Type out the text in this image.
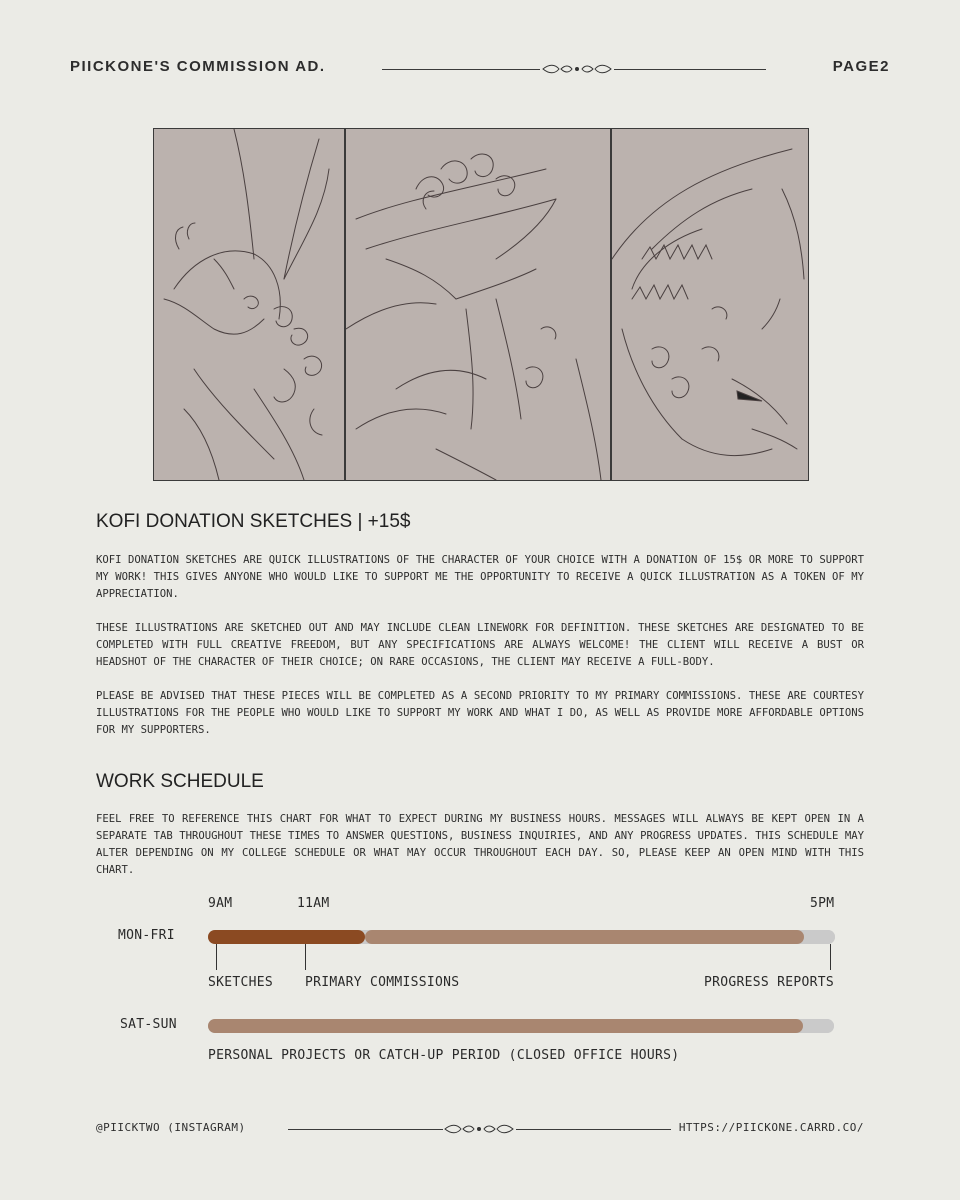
PIICKONE'S COMMISSION AD.	PAGE2
KOFI DONATION SKETCHES | +15$

KOFI DONATION SKETCHES ARE QUICK ILLUSTRATIONS OF THE CHARACTER OF YOUR CHOICE WITH A DONATION OF 15$ OR MORE TO SUPPORT MY WORK! THIS GIVES ANYONE WHO WOULD LIKE TO SUPPORT ME THE OPPORTUNITY TO RECEIVE A QUICK ILLUSTRATION AS A TOKEN OF MY APPRECIATION.

THESE ILLUSTRATIONS ARE SKETCHED OUT AND MAY INCLUDE CLEAN LINEWORK FOR DEFINITION. THESE SKETCHES ARE DESIGNATED TO BE COMPLETED WITH FULL CREATIVE FREEDOM, BUT ANY SPECIFICATIONS ARE ALWAYS WELCOME! THE CLIENT WILL RECEIVE A BUST OR HEADSHOT OF THE CHARACTER OF THEIR CHOICE; ON RARE OCCASIONS, THE CLIENT MAY RECEIVE A FULL-BODY.

PLEASE BE ADVISED THAT THESE PIECES WILL BE COMPLETED AS A SECOND PRIORITY TO MY PRIMARY COMMISSIONS. THESE ARE COURTESY ILLUSTRATIONS FOR THE PEOPLE WHO WOULD LIKE TO SUPPORT MY WORK AND WHAT I DO, AS WELL AS PROVIDE MORE AFFORDABLE OPTIONS FOR MY SUPPORTERS.

WORK SCHEDULE

FEEL FREE TO REFERENCE THIS CHART FOR WHAT TO EXPECT DURING MY BUSINESS HOURS. MESSAGES WILL ALWAYS BE KEPT OPEN IN A SEPARATE TAB THROUGHOUT THESE TIMES TO ANSWER QUESTIONS, BUSINESS INQUIRIES, AND ANY PROGRESS UPDATES. THIS SCHEDULE MAY ALTER DEPENDING ON MY COLLEGE SCHEDULE OR WHAT MAY OCCUR THROUGHOUT EACH DAY. SO, PLEASE KEEP AN OPEN MIND WITH THIS CHART.

9AM	11AM	5PM
MON-FRI
SKETCHES PRIMARY COMMISSIONS	PROGRESS REPORTS
SAT-SUN
PERSONAL PROJECTS OR CATCH-UP PERIOD (CLOSED OFFICE HOURS)
@PIICKTWO (INSTAGRAM)	HTTPS://PIICKONE.CARRD.CO/
